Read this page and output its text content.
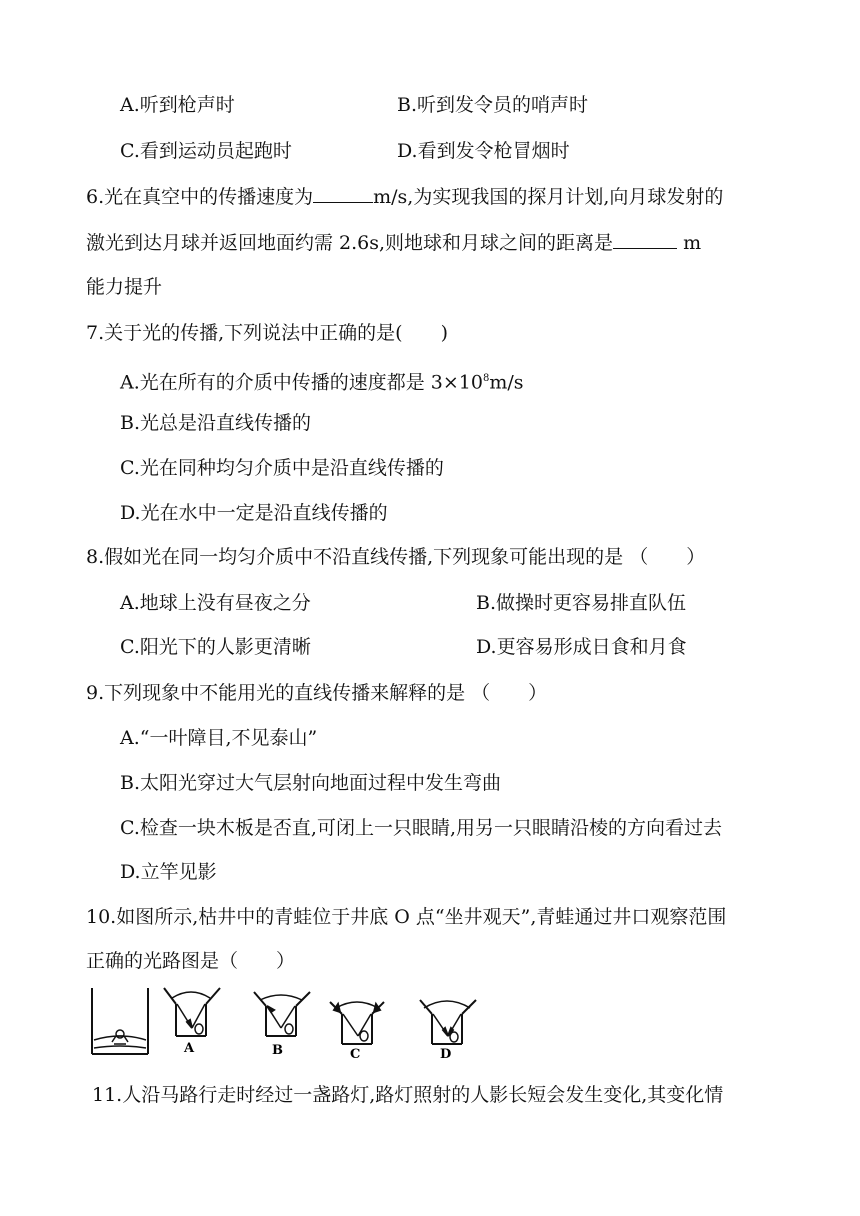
A.听到枪声时	B.听到发令员的哨声时
C.看到运动员起跑时	D.看到发令枪冒烟时
6.光在真空中的传播速度为	m/s,为实现我国的探月计划,向月球发射的
激光到达月球并返回地面约需 2.6s,则地球和月球之间的距离是	m
能力提升
7.关于光的传播,下列说法中正确的是(　　)
A.光在所有的介质中传播的速度都是 $3\times 10^8m/s$
B.光总是沿直线传播的
C.光在同种均匀介质中是沿直线传播的
D.光在水中一定是沿直线传播的
8.假如光在同一均匀介质中不沿直线传播,下列现象可能出现的是 （　　）
A.地球上没有昼夜之分	B.做操时更容易排直队伍
C.阳光下的人影更清晰	D.更容易形成日食和月食
9.下列现象中不能用光的直线传播来解释的是 （　　）
A.“一叶障目,不见泰山”
B.太阳光穿过大气层射向地面过程中发生弯曲
C.检查一块木板是否直,可闭上一只眼睛,用另一只眼睛沿棱的方向看过去
D.立竿见影
10.如图所示,枯井中的青蛙位于井底 O 点“坐井观天”,青蛙通过井口观察范围
正确的光路图是（　　）
A	B	C	D
11.人沿马路行走时经过一盏路灯,路灯照射的人影长短会发生变化,其变化情
